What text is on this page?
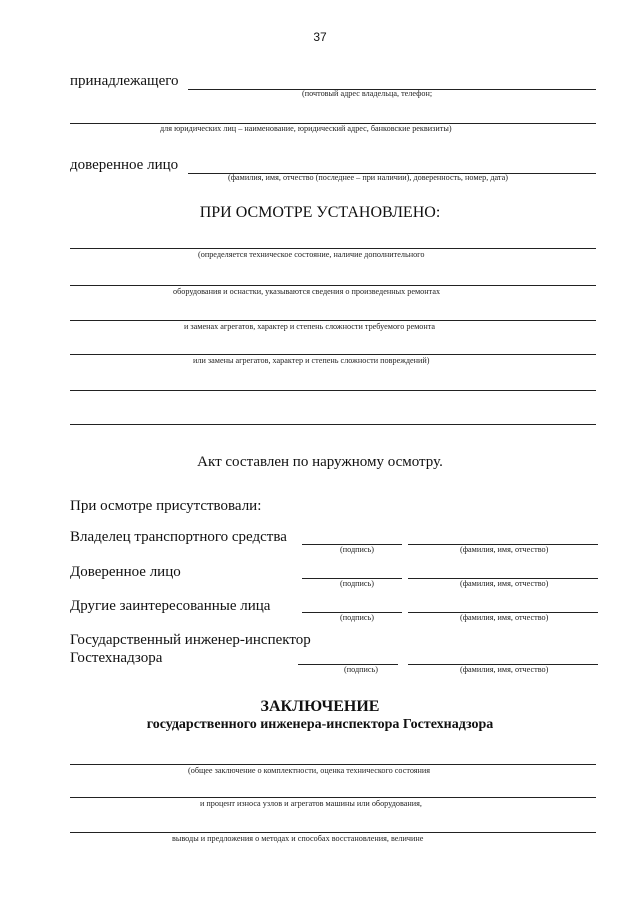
37
принадлежащего
(почтовый адрес владельца, телефон;
для юридических лиц – наименование, юридический адрес, банковские реквизиты)
доверенное лицо
(фамилия, имя, отчество (последнее – при наличии), доверенность, номер, дата)
ПРИ ОСМОТРЕ УСТАНОВЛЕНО:
(определяется техническое состояние, наличие дополнительного
оборудования и оснастки, указываются сведения о произведенных ремонтах
и заменах агрегатов, характер и степень сложности требуемого ремонта
или замены агрегатов, характер и степень сложности повреждений)
Акт составлен по наружному осмотру.
При осмотре присутствовали:
Владелец транспортного средства
(подпись)	(фамилия, имя, отчество)
Доверенное лицо
(подпись)	(фамилия, имя, отчество)
Другие заинтересованные лица
(подпись)	(фамилия, имя, отчество)
Государственный инженер-инспектор
Гостехнадзора
(подпись)	(фамилия, имя, отчество)
ЗАКЛЮЧЕНИЕ
государственного инженера-инспектора Гостехнадзора
(общее заключение о комплектности, оценка технического состояния
и процент износа узлов и агрегатов машины или оборудования,
выводы и предложения о методах и способах восстановления, величине
